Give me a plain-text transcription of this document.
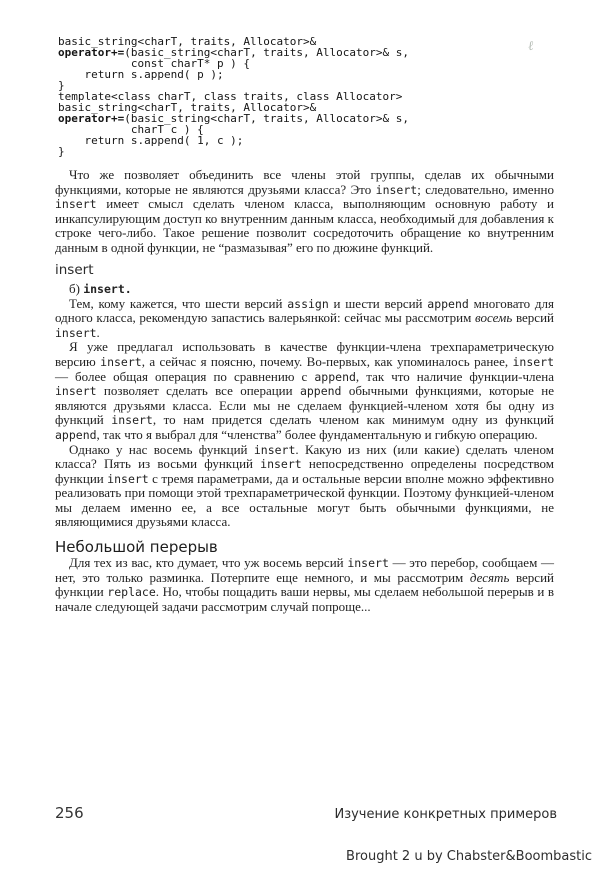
ℓ
basic_string<charT, traits, Allocator>&
operator+=(basic_string<charT, traits, Allocator>& s,
const charT* p ) {
return s.append( p );
}
template<class charT, class traits, class Allocator>
basic_string<charT, traits, Allocator>&
operator+=(basic_string<charT, traits, Allocator>& s,
charT c ) {
return s.append( 1, c );
}

Что же позволяет объединить все члены этой группы, сделав их обычными функциями, которые не являются друзьями класса? Это insert; следовательно, именно insert имеет смысл сделать членом класса, выполняющим основную работу и инкапсулирующим доступ ко внутренним данным класса, необходимый для добавления к строке чего-либо. Такое решение позволит сосредоточить обращение ко внутренним данным в одной функции, не “размазывая” его по дюжине функций.

insert
б) insert.

Тем, кому кажется, что шести версий assign и шести версий append многовато для одного класса, рекомендую запастись валерьянкой: сейчас мы рассмотрим восемь версий insert.

Я уже предлагал использовать в качестве функции-члена трехпараметрическую версию insert, а сейчас я поясню, почему. Во-первых, как упоминалось ранее, insert — более общая операция по сравнению с append, так что наличие функции-члена insert позволяет сделать все операции append обычными функциями, которые не являются друзьями класса. Если мы не сделаем функцией-членом хотя бы одну из функций insert, то нам придется сделать членом как минимум одну из функций append, так что я выбрал для “членства” более фундаментальную и гибкую операцию.

Однако у нас восемь функций insert. Какую из них (или какие) сделать членом класса? Пять из восьми функций insert непосредственно определены посредством функции insert с тремя параметрами, да и остальные версии вполне можно эффективно реализовать при помощи этой трехпараметрической функции. Поэтому функцией-членом мы делаем именно ее, а все остальные могут быть обычными функциями, не являющимися друзьями класса.

Небольшой перерыв

Для тех из вас, кто думает, что уж восемь версий insert — это перебор, сообщаем — нет, это только разминка. Потерпите еще немного, и мы рассмотрим десять версий функции replace. Но, чтобы пощадить ваши нервы, мы сделаем небольшой перерыв и в начале следующей задачи рассмотрим случай попроще...

256	Изучение конкретных примеров
Brought 2 u by Chabster&Boombastic
